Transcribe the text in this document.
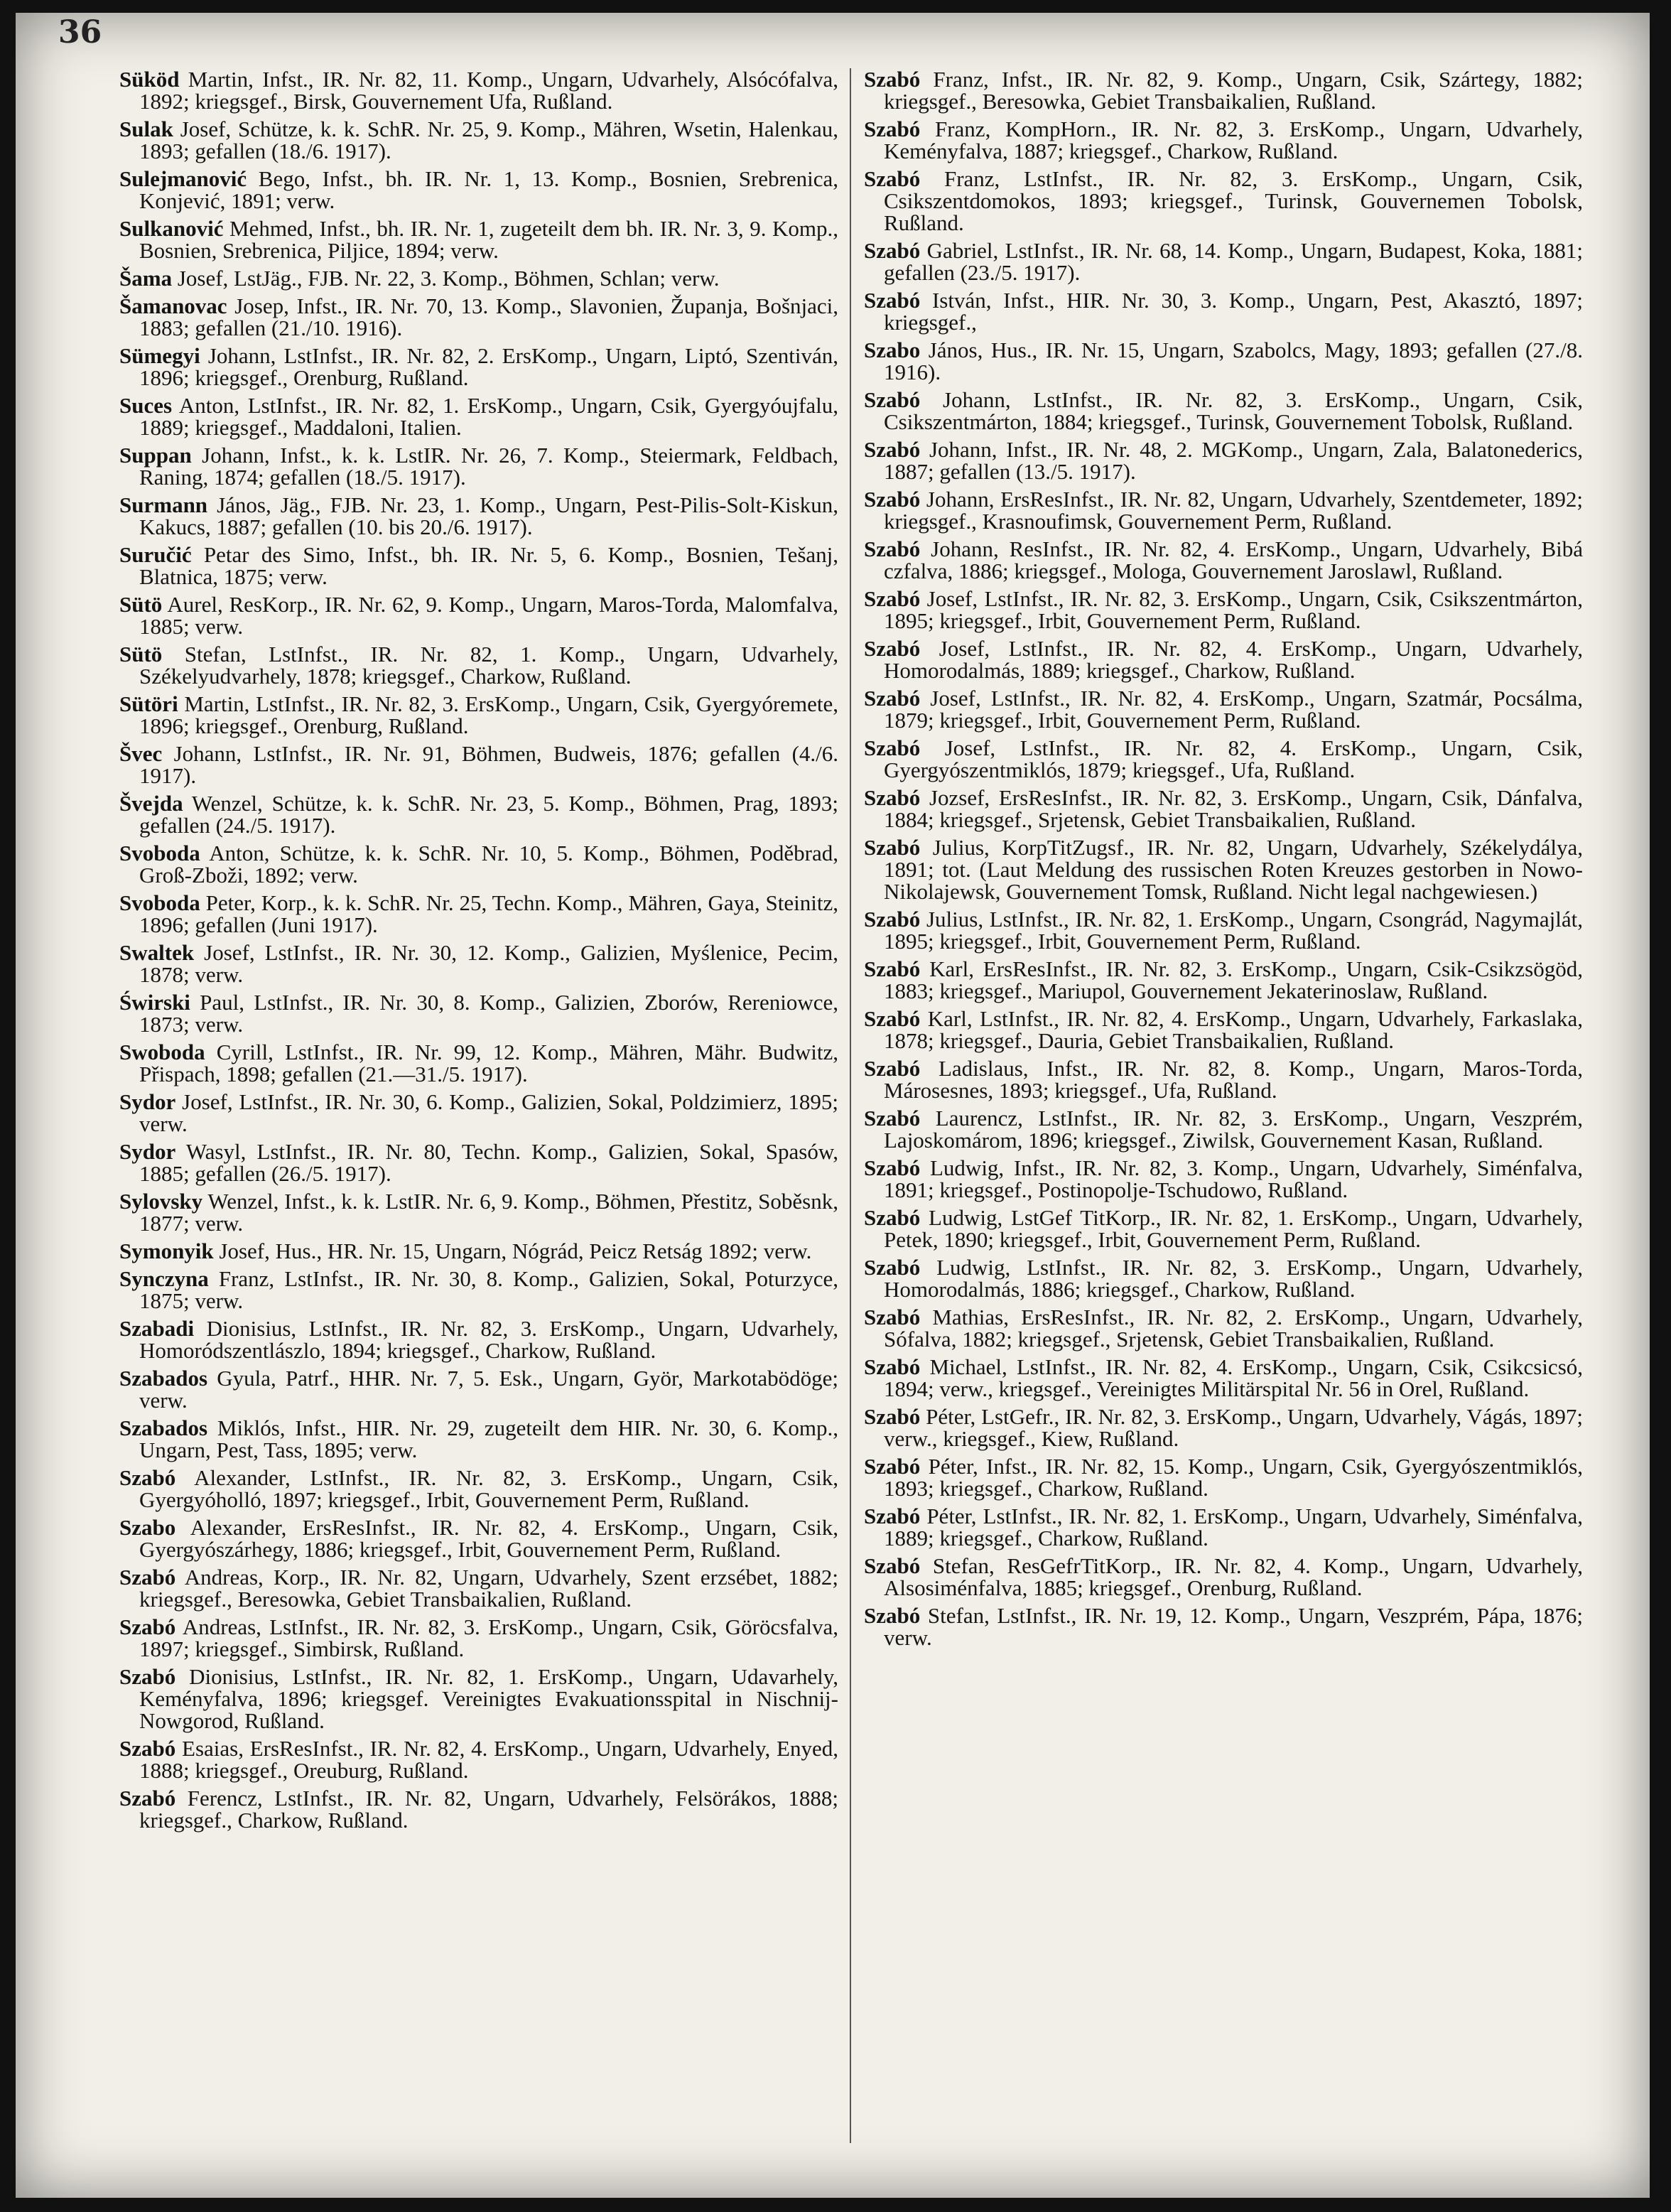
36

Süköd Martin, Infst., IR. Nr. 82, 11. Komp., Ungarn, Udvarhely, Alsóсófalva, 1892; kriegsgef., Birsk, Gouvernement Ufa, Rußland.

Sulak Josef, Schütze, k. k. SchR. Nr. 25, 9. Komp., Mähren, Wsetin, Halenkau, 1893; gefallen (18./6. 1917).

Sulejmanović Bego, Infst., bh. IR. Nr. 1, 13. Komp., Bosnien, Srebrenica, Konjević, 1891; verw.

Sulkanović Mehmed, Infst., bh. IR. Nr. 1, zugeteilt dem bh. IR. Nr. 3, 9. Komp., Bosnien, Srebrenica, Piljice, 1894; verw.

Šama Josef, LstJäg., FJB. Nr. 22, 3. Komp., Böhmen, Schlan; verw.

Šamanovac Josep, Infst., IR. Nr. 70, 13. Komp., Slavonien, Županja, Bošnjaci, 1883; gefallen (21./10. 1916).

Sümegyi Johann, LstInfst., IR. Nr. 82, 2. ErsKomp., Ungarn, Liptó, Szentiván, 1896; kriegsgef., Orenburg, Rußland.

Suces Anton, LstInfst., IR. Nr. 82, 1. ErsKomp., Ungarn, Csik, Gyergyóujfalu, 1889; kriegsgef., Maddaloni, Italien.

Suppan Johann, Infst., k. k. LstIR. Nr. 26, 7. Komp., Steiermark, Feldbach, Raning, 1874; gefallen (18./5. 1917).

Surmann János, Jäg., FJB. Nr. 23, 1. Komp., Ungarn, Pest-Pilis-Solt-Kiskun, Kakucs, 1887; gefallen (10. bis 20./6. 1917).

Suručić Petar des Simo, Infst., bh. IR. Nr. 5, 6. Komp., Bosnien, Tešanj, Blatnica, 1875; verw.

Sütö Aurel, ResKorp., IR. Nr. 62, 9. Komp., Ungarn, Maros-Torda, Malomfalva, 1885; verw.

Sütö Stefan, LstInfst., IR. Nr. 82, 1. Komp., Ungarn, Udvarhely, Székelyudvarhely, 1878; kriegsgef., Charkow, Rußland.

Sütöri Martin, LstInfst., IR. Nr. 82, 3. ErsKomp., Ungarn, Csik, Gyergyóremete, 1896; kriegsgef., Orenburg, Rußland.

Švec Johann, LstInfst., IR. Nr. 91, Böhmen, Budweis, 1876; gefallen (4./6. 1917).

Švejda Wenzel, Schütze, k. k. SchR. Nr. 23, 5. Komp., Böhmen, Prag, 1893; gefallen (24./5. 1917).

Svoboda Anton, Schütze, k. k. SchR. Nr. 10, 5. Komp., Böhmen, Poděbrad, Groß-Zboži, 1892; verw.

Svoboda Peter, Korp., k. k. SchR. Nr. 25, Techn. Komp., Mähren, Gaya, Steinitz, 1896; gefallen (Juni 1917).

Swaltek Josef, LstInfst., IR. Nr. 30, 12. Komp., Galizien, Myślenice, Pecim, 1878; verw.

Świrski Paul, LstInfst., IR. Nr. 30, 8. Komp., Galizien, Zborów, Rereniowce, 1873; verw.

Swoboda Cyrill, LstInfst., IR. Nr. 99, 12. Komp., Mähren, Mähr. Budwitz, Přispach, 1898; gefallen (21.—31./5. 1917).

Sydor Josef, LstInfst., IR. Nr. 30, 6. Komp., Galizien, Sokal, Poldzimierz, 1895; verw.

Sydor Wasyl, LstInfst., IR. Nr. 80, Techn. Komp., Galizien, Sokal, Spasów, 1885; gefallen (26./5. 1917).

Sylovsky Wenzel, Infst., k. k. LstIR. Nr. 6, 9. Komp., Böhmen, Přestitz, Soběsnk, 1877; verw.

Symonyik Josef, Hus., HR. Nr. 15, Ungarn, Nógrád, Peicz Retság 1892; verw.

Synczyna Franz, LstInfst., IR. Nr. 30, 8. Komp., Galizien, Sokal, Poturzyce, 1875; verw.

Szabadi Dionisius, LstInfst., IR. Nr. 82, 3. ErsKomp., Ungarn, Udvarhely, Homoródszentlászlo, 1894; kriegsgef., Charkow, Rußland.

Szabados Gyula, Patrf., HHR. Nr. 7, 5. Esk., Ungarn, Györ, Markotabödöge; verw.

Szabados Miklós, Infst., HIR. Nr. 29, zugeteilt dem HIR. Nr. 30, 6. Komp., Ungarn, Pest, Tass, 1895; verw.

Szabó Alexander, LstInfst., IR. Nr. 82, 3. ErsKomp., Ungarn, Csik, Gyergyóholló, 1897; kriegsgef., Irbit, Gouvernement Perm, Rußland.

Szabo Alexander, ErsResInfst., IR. Nr. 82, 4. ErsKomp., Ungarn, Csik, Gyergyószárhegy, 1886; kriegsgef., Irbit, Gouvernement Perm, Rußland.

Szabó Andreas, Korp., IR. Nr. 82, Ungarn, Udvarhely, Szent erzsébet, 1882; kriegsgef., Beresowka, Gebiet Transbaikalien, Rußland.

Szabó Andreas, LstInfst., IR. Nr. 82, 3. ErsKomp., Ungarn, Csik, Göröcsfalva, 1897; kriegsgef., Simbirsk, Rußland.

Szabó Dionisius, LstInfst., IR. Nr. 82, 1. ErsKomp., Ungarn, Udavarhely, Keményfalva, 1896; kriegsgef. Vereinigtes Evakuationsspital in Nischnij-Nowgorod, Rußland.

Szabó Esaias, ErsResInfst., IR. Nr. 82, 4. ErsKomp., Ungarn, Udvarhely, Enyed, 1888; kriegsgef., Oreuburg, Rußland.

Szabó Ferencz, LstInfst., IR. Nr. 82, Ungarn, Udvarhely, Felsörákos, 1888; kriegsgef., Charkow, Rußland.

Szabó Franz, Infst., IR. Nr. 82, 9. Komp., Ungarn, Csik, Szártegy, 1882; kriegsgef., Beresowka, Gebiet Transbaikalien, Rußland.

Szabó Franz, KompHorn., IR. Nr. 82, 3. ErsKomp., Ungarn, Udvarhely, Keményfalva, 1887; kriegsgef., Charkow, Rußland.

Szabó Franz, LstInfst., IR. Nr. 82, 3. ErsKomp., Ungarn, Csik, Csikszentdomokos, 1893; kriegsgef., Turinsk, Gouvernemen Tobolsk, Rußland.

Szabó Gabriel, LstInfst., IR. Nr. 68, 14. Komp., Ungarn, Budapest, Koka, 1881; gefallen (23./5. 1917).

Szabó István, Infst., HIR. Nr. 30, 3. Komp., Ungarn, Pest, Akasztó, 1897; kriegsgef.,

Szabo János, Hus., IR. Nr. 15, Ungarn, Szabolcs, Magy, 1893; gefallen (27./8. 1916).

Szabó Johann, LstInfst., IR. Nr. 82, 3. ErsKomp., Ungarn, Csik, Csikszentmárton, 1884; kriegsgef., Turinsk, Gouvernement Tobolsk, Rußland.

Szabó Johann, Infst., IR. Nr. 48, 2. MGKomp., Ungarn, Zala, Balatonederics, 1887; gefallen (13./5. 1917).

Szabó Johann, ErsResInfst., IR. Nr. 82, Ungarn, Udvarhely, Szentdemeter, 1892; kriegsgef., Krasnoufimsk, Gouvernement Perm, Rußland.

Szabó Johann, ResInfst., IR. Nr. 82, 4. ErsKomp., Ungarn, Udvarhely, Bibá czfalva, 1886; kriegsgef., Mologa, Gouvernement Jaroslawl, Rußland.

Szabó Josef, LstInfst., IR. Nr. 82, 3. ErsKomp., Ungarn, Csik, Csikszentmárton, 1895; kriegsgef., Irbit, Gouvernement Perm, Rußland.

Szabó Josef, LstInfst., IR. Nr. 82, 4. ErsKomp., Ungarn, Udvarhely, Homorodalmás, 1889; kriegsgef., Charkow, Rußland.

Szabó Josef, LstInfst., IR. Nr. 82, 4. ErsKomp., Ungarn, Szatmár, Pocsálma, 1879; kriegsgef., Irbit, Gouvernement Perm, Rußland.

Szabó Josef, LstInfst., IR. Nr. 82, 4. ErsKomp., Ungarn, Csik, Gyergyószentmiklós, 1879; kriegsgef., Ufa, Rußland.

Szabó Jozsef, ErsResInfst., IR. Nr. 82, 3. ErsKomp., Ungarn, Csik, Dánfalva, 1884; kriegsgef., Srjetensk, Gebiet Transbaikalien, Rußland.

Szabó Julius, KorpTitZugsf., IR. Nr. 82, Ungarn, Udvarhely, Székelydálya, 1891; tot. (Laut Meldung des russischen Roten Kreuzes gestorben in Nowo-Nikolajewsk, Gouvernement Tomsk, Rußland. Nicht legal nachgewiesen.)

Szabó Julius, LstInfst., IR. Nr. 82, 1. ErsKomp., Ungarn, Csongrád, Nagymajlát, 1895; kriegsgef., Irbit, Gouvernement Perm, Rußland.

Szabó Karl, ErsResInfst., IR. Nr. 82, 3. ErsKomp., Ungarn, Csik-Csikzsögöd, 1883; kriegsgef., Mariupol, Gouvernement Jekaterinoslaw, Rußland.

Szabó Karl, LstInfst., IR. Nr. 82, 4. ErsKomp., Ungarn, Udvarhely, Farkaslaka, 1878; kriegsgef., Dauria, Gebiet Transbaikalien, Rußland.

Szabó Ladislaus, Infst., IR. Nr. 82, 8. Komp., Ungarn, Maros-Torda, Márosesnes, 1893; kriegsgef., Ufa, Rußland.

Szabó Laurencz, LstInfst., IR. Nr. 82, 3. ErsKomp., Ungarn, Veszprém, Lajoskomárom, 1896; kriegsgef., Ziwilsk, Gouvernement Kasan, Rußland.

Szabó Ludwig, Infst., IR. Nr. 82, 3. Komp., Ungarn, Udvarhely, Siménfalva, 1891; kriegsgef., Postinopolje-Tschudowo, Rußland.

Szabó Ludwig, LstGef TitKorp., IR. Nr. 82, 1. ErsKomp., Ungarn, Udvarhely, Petek, 1890; kriegsgef., Irbit, Gouvernement Perm, Rußland.

Szabó Ludwig, LstInfst., IR. Nr. 82, 3. ErsKomp., Ungarn, Udvarhely, Homorodalmás, 1886; kriegsgef., Charkow, Rußland.

Szabó Mathias, ErsResInfst., IR. Nr. 82, 2. ErsKomp., Ungarn, Udvarhely, Sófalva, 1882; kriegsgef., Srjetensk, Gebiet Transbaikalien, Rußland.

Szabó Michael, LstInfst., IR. Nr. 82, 4. ErsKomp., Ungarn, Csik, Csikcsicsó, 1894; verw., kriegsgef., Vereinigtes Militärspital Nr. 56 in Orel, Rußland.

Szabó Péter, LstGefr., IR. Nr. 82, 3. ErsKomp., Ungarn, Udvarhely, Vágás, 1897; verw., kriegsgef., Kiew, Rußland.

Szabó Péter, Infst., IR. Nr. 82, 15. Komp., Ungarn, Csik, Gyergyószentmiklós, 1893; kriegsgef., Charkow, Rußland.

Szabó Péter, LstInfst., IR. Nr. 82, 1. ErsKomp., Ungarn, Udvarhely, Siménfalva, 1889; kriegsgef., Charkow, Rußland.

Szabó Stefan, ResGefrTitKorp., IR. Nr. 82, 4. Komp., Ungarn, Udvarhely, Alsosiménfalva, 1885; kriegsgef., Orenburg, Rußland.

Szabó Stefan, LstInfst., IR. Nr. 19, 12. Komp., Ungarn, Veszprém, Pápa, 1876; verw.
